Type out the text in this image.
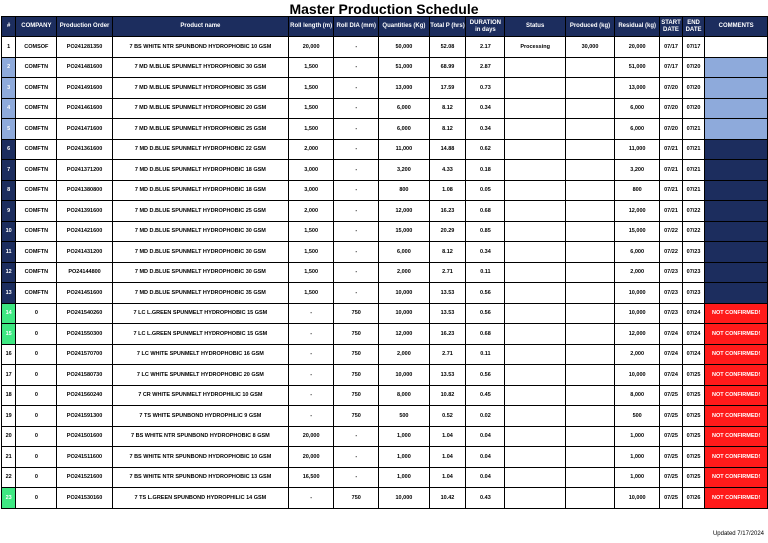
Master Production Schedule
#	COMPANY	Production Order	Product name	Roll length (m)	Roll DIA (mm)	Quantities (Kg)	Total P (hrs)	DURATION in days	Status	Produced (kg)	Residual (kg)	START DATE	END DATE	COMMENTS
1	COMSOF	PO241281350	7 BS WHITE NTR SPUNBOND HYDROPHOBIC 10 GSM	20,000	-	50,000	52.08	2.17	Processing	30,000	20,000	07/17	07/17	
2	COMFTN	PO241481600	7 MD M.BLUE SPUNMELT HYDROPHOBIC 30 GSM	1,500	-	51,000	68.99	2.87			51,000	07/17	07/20	
3	COMFTN	PO241491600	7 MD M.BLUE SPUNMELT HYDROPHOBIC 35 GSM	1,500	-	13,000	17.59	0.73			13,000	07/20	07/20	
4	COMFTN	PO241461600	7 MD M.BLUE SPUNMELT HYDROPHOBIC 20 GSM	1,500	-	6,000	8.12	0.34			6,000	07/20	07/20	
5	COMFTN	PO241471600	7 MD M.BLUE SPUNMELT HYDROPHOBIC 25 GSM	1,500	-	6,000	8.12	0.34			6,000	07/20	07/21	
6	COMFTN	PO241361600	7 MD D.BLUE SPUNMELT HYDROPHOBIC 22 GSM	2,000	-	11,000	14.88	0.62			11,000	07/21	07/21	
7	COMFTN	PO241371200	7 MD D.BLUE SPUNMELT HYDROPHOBIC 18 GSM	3,000	-	3,200	4.33	0.18			3,200	07/21	07/21	
8	COMFTN	PO241380800	7 MD D.BLUE SPUNMELT HYDROPHOBIC 18 GSM	3,000	-	800	1.08	0.05			800	07/21	07/21	
9	COMFTN	PO241391600	7 MD D.BLUE SPUNMELT HYDROPHOBIC 25 GSM	2,000	-	12,000	16.23	0.68			12,000	07/21	07/22	
10	COMFTN	PO241421600	7 MD D.BLUE SPUNMELT HYDROPHOBIC 30 GSM	1,500	-	15,000	20.29	0.85			15,000	07/22	07/22	
11	COMFTN	PO241431200	7 MD D.BLUE SPUNMELT HYDROPHOBIC 30 GSM	1,500	-	6,000	8.12	0.34			6,000	07/22	07/23	
12	COMFTN	PO24144800	7 MD D.BLUE SPUNMELT HYDROPHOBIC 30 GSM	1,500	-	2,000	2.71	0.11			2,000	07/23	07/23	
13	COMFTN	PO241451600	7 MD D.BLUE SPUNMELT HYDROPHOBIC 35 GSM	1,500	-	10,000	13.53	0.56			10,000	07/23	07/23	
14	0	PO241540260	7 LC L.GREEN SPUNMELT HYDROPHOBIC 15 GSM	-	750	10,000	13.53	0.56			10,000	07/23	07/24	NOT CONFIRMED!
15	0	PO241550300	7 LC L.GREEN SPUNMELT HYDROPHOBIC 15 GSM	-	750	12,000	16.23	0.68			12,000	07/24	07/24	NOT CONFIRMED!
16	0	PO241570700	7 LC WHITE SPUNMELT HYDROPHOBIC 16 GSM	-	750	2,000	2.71	0.11			2,000	07/24	07/24	NOT CONFIRMED!
17	0	PO241580730	7 LC WHITE SPUNMELT HYDROPHOBIC 20 GSM	-	750	10,000	13.53	0.56			10,000	07/24	07/25	NOT CONFIRMED!
18	0	PO241560240	7 CR WHITE SPUNMELT HYDROPHILIC 10 GSM	-	750	8,000	10.82	0.45			8,000	07/25	07/25	NOT CONFIRMED!
19	0	PO241591300	7 TS WHITE SPUNBOND HYDROPHILIC 9 GSM	-	750	500	0.52	0.02			500	07/25	07/25	NOT CONFIRMED!
20	0	PO241501600	7 BS WHITE NTR SPUNBOND HYDROPHOBIC 8 GSM	20,000	-	1,000	1.04	0.04			1,000	07/25	07/25	NOT CONFIRMED!
21	0	PO241511600	7 BS WHITE NTR SPUNBOND HYDROPHOBIC 10 GSM	20,000	-	1,000	1.04	0.04			1,000	07/25	07/25	NOT CONFIRMED!
22	0	PO241521600	7 BS WHITE NTR SPUNBOND HYDROPHOBIC 13 GSM	16,500	-	1,000	1.04	0.04			1,000	07/25	07/25	NOT CONFIRMED!
23	0	PO241530160	7 TS L.GREEN SPUNBOND HYDROPHILIC 14 GSM	-	750	10,000	10.42	0.43			10,000	07/25	07/26	NOT CONFIRMED!
Updated 7/17/2024
